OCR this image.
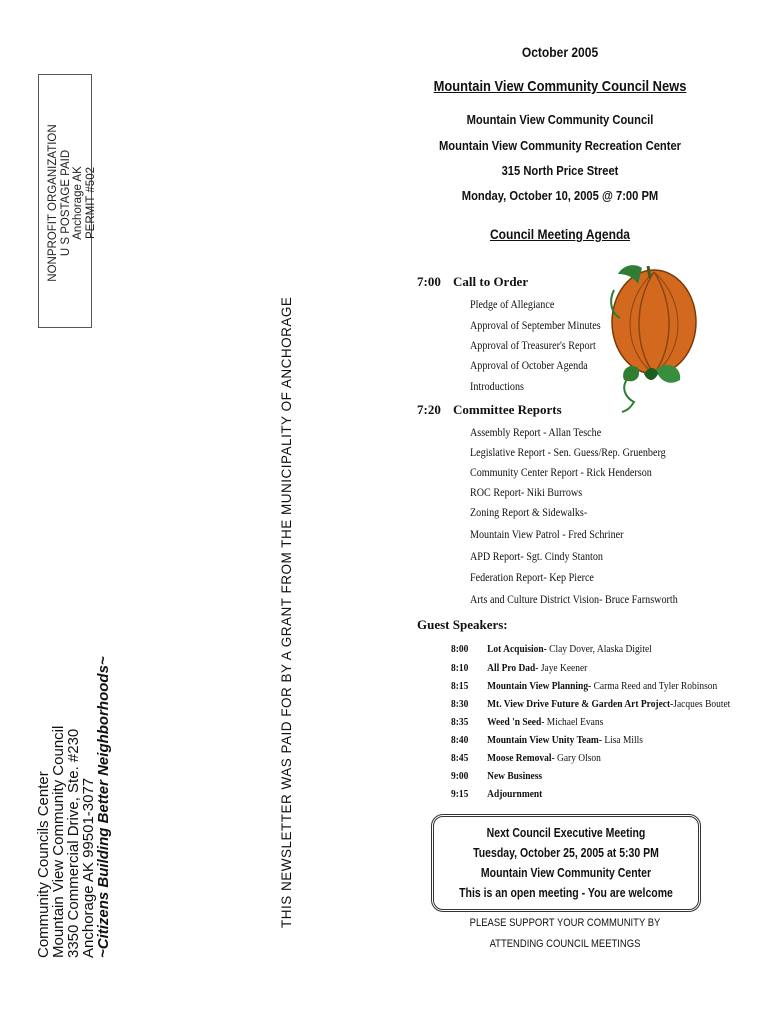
NONPROFIT ORGANIZATION U S POSTAGE PAID Anchorage AK PERMIT #502
Community Councils Center
Mountain View Community Council
3350 Commercial Drive, Ste. #230
Anchorage AK 99501-3077
~Citizens Building Better Neighborhoods~	THIS NEWSLETTER WAS PAID FOR BY A GRANT FROM THE MUNICIPALITY OF ANCHORAGE
October 2005
Mountain View Community Council News
Mountain View Community Council
Mountain View Community Recreation Center
315 North Price Street
Monday, October 10, 2005 @ 7:00 PM
Council Meeting Agenda
7:00 Call to Order
Pledge of Allegiance
Approval of September Minutes
Approval of Treasurer's Report
Approval of October Agenda
Introductions
7:20 Committee Reports
Assembly Report - Allan Tesche
Legislative Report - Sen. Guess/Rep. Gruenberg
Community Center Report - Rick Henderson
ROC Report- Niki Burrows
Zoning Report & Sidewalks-
Mountain View Patrol - Fred Schriner
APD Report- Sgt. Cindy Stanton
Federation Report- Kep Pierce
Arts and Culture District Vision- Bruce Farnsworth
Guest Speakers:
8:00 Lot Acquision- Clay Dover, Alaska Digitel
8:10 All Pro Dad- Jaye Keener
8:15 Mountain View Planning- Carma Reed and Tyler Robinson
8:30 Mt. View Drive Future & Garden Art Project-Jacques Boutet
8:35 Weed 'n Seed- Michael Evans
8:40 Mountain View Unity Team- Lisa Mills
8:45 Moose Removal- Gary Olson
9:00 New Business
9:15 Adjournment
Next Council Executive Meeting
Tuesday, October 25, 2005 at 5:30 PM
Mountain View Community Center
This is an open meeting - You are welcome
PLEASE SUPPORT YOUR COMMUNITY BY
ATTENDING COUNCIL MEETINGS
